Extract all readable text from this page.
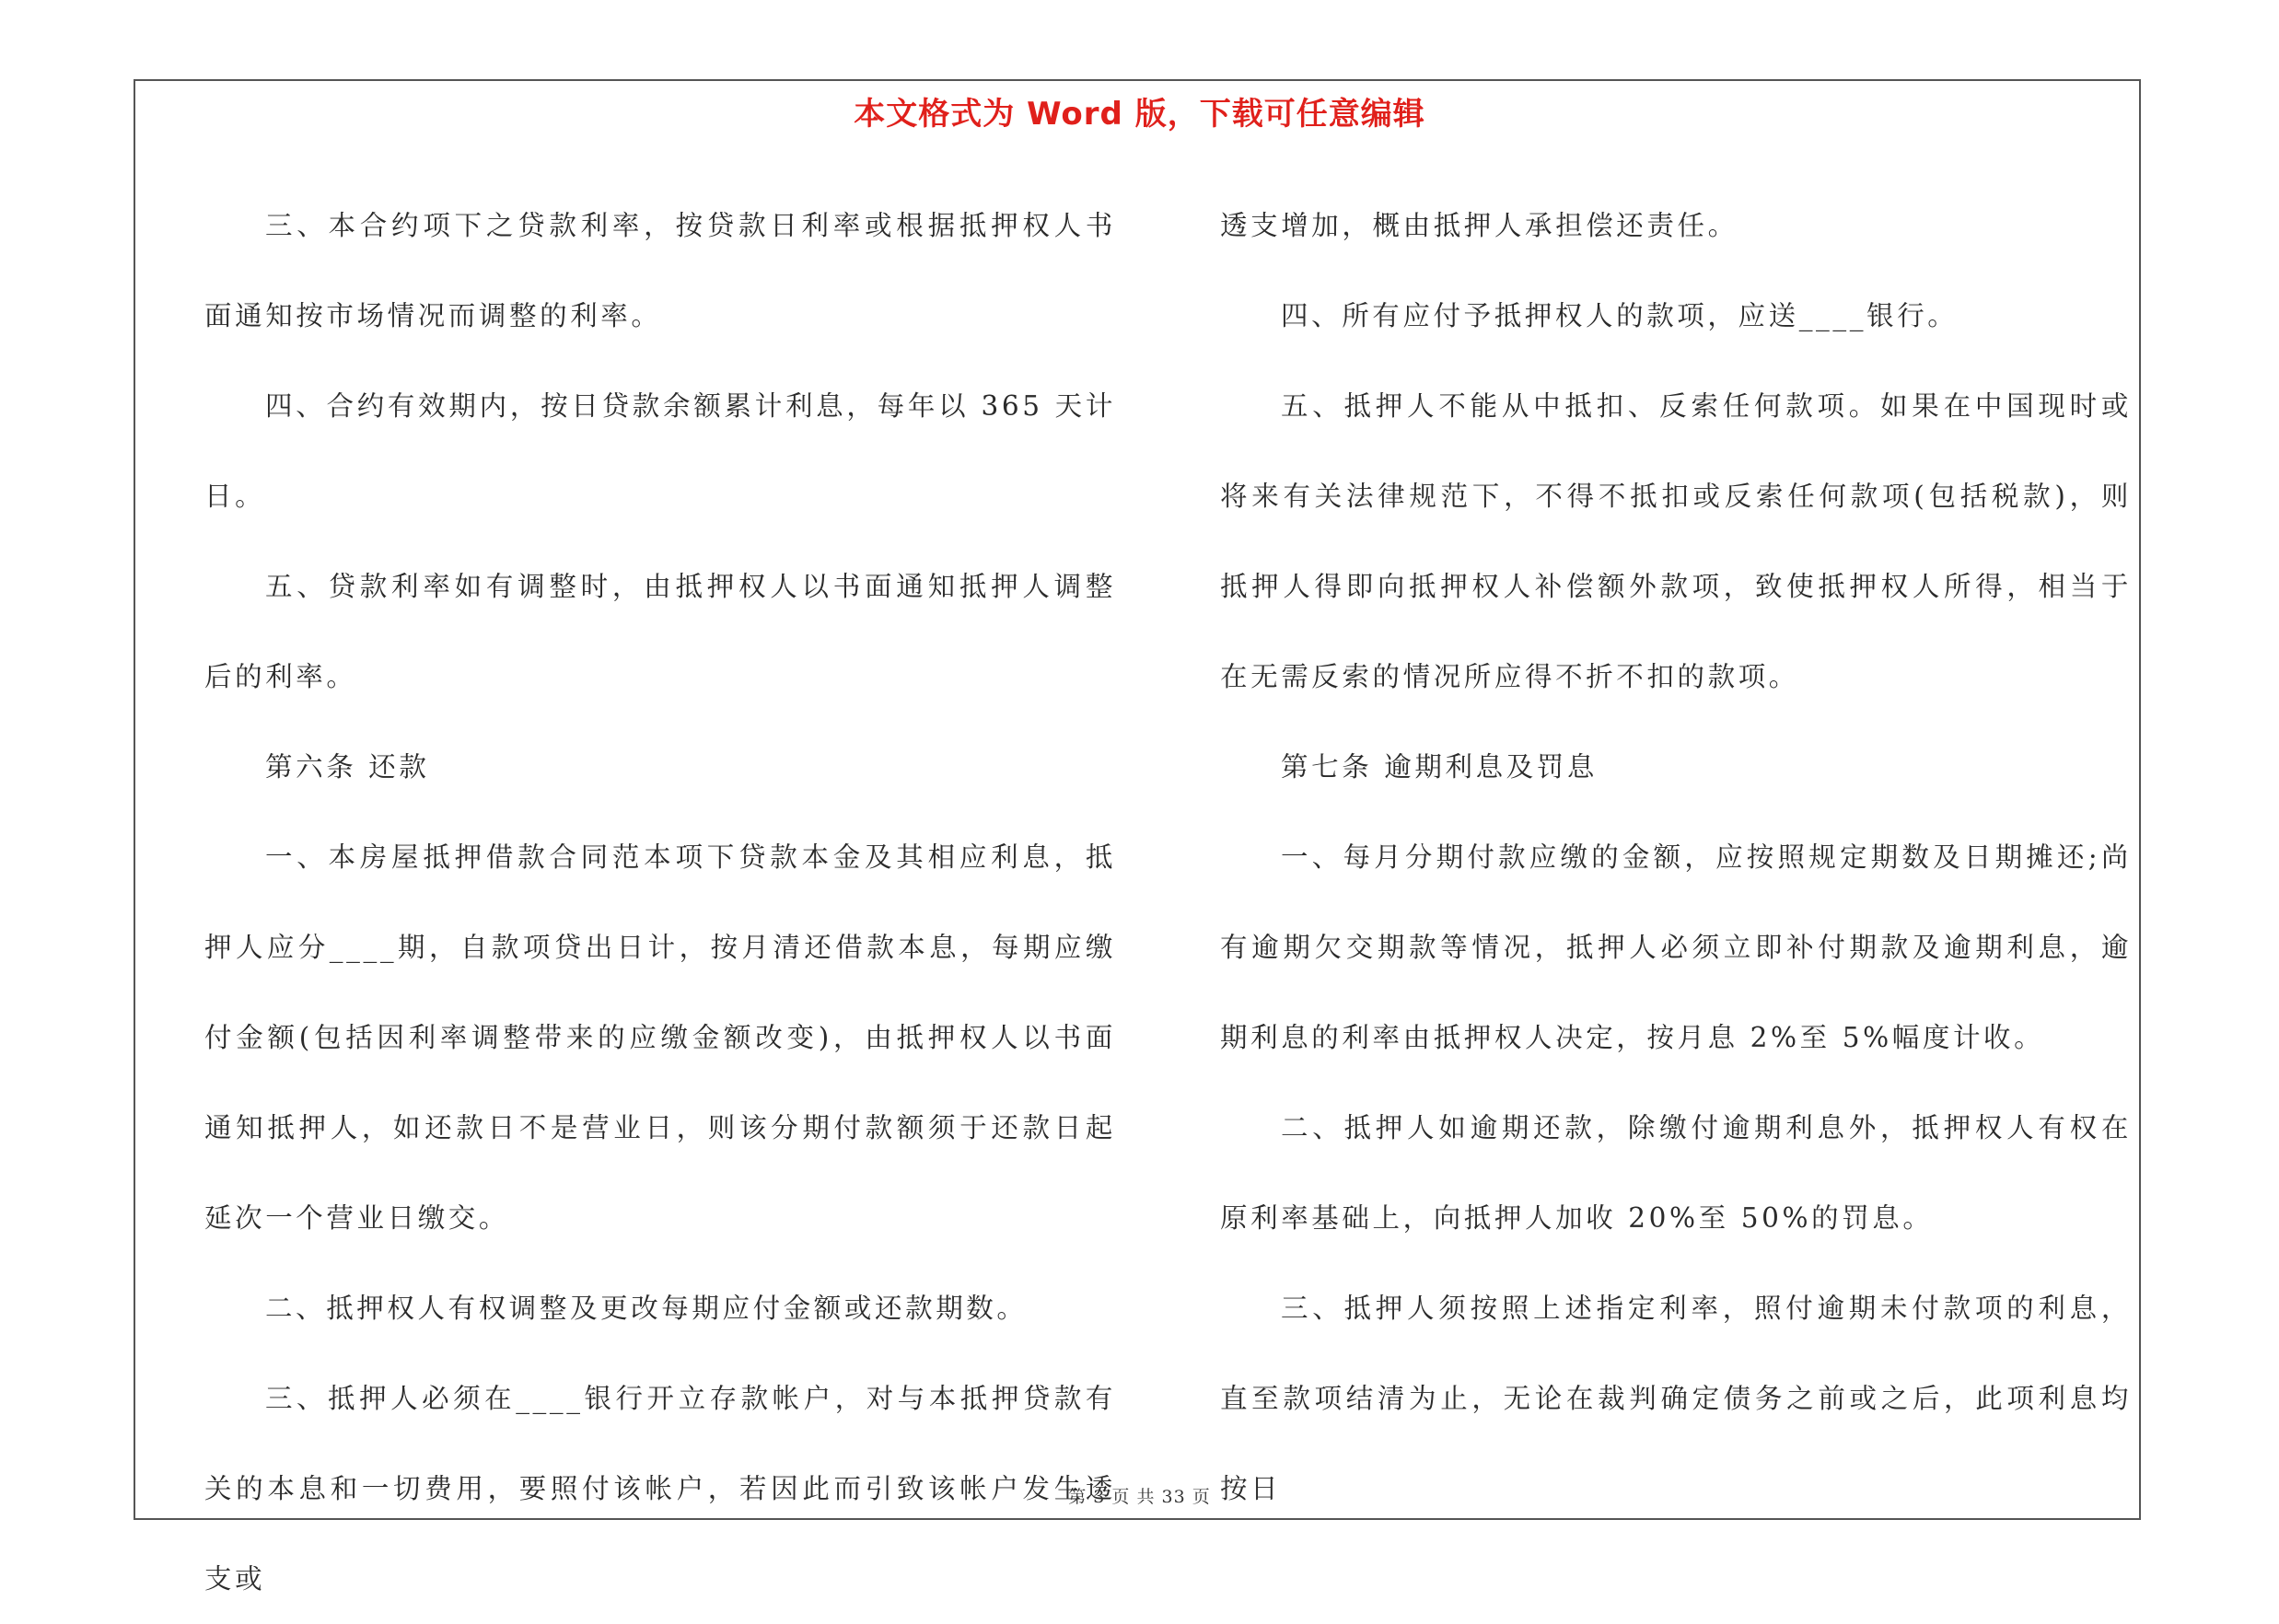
本文格式为 Word 版，下载可任意编辑

三、本合约项下之贷款利率，按贷款日利率或根据抵押权人书面通知按市场情况而调整的利率。

四、合约有效期内，按日贷款余额累计利息，每年以 365 天计日。

五、贷款利率如有调整时，由抵押权人以书面通知抵押人调整后的利率。

第六条 还款

一、本房屋抵押借款合同范本项下贷款本金及其相应利息，抵押人应分____期，自款项贷出日计，按月清还借款本息，每期应缴付金额(包括因利率调整带来的应缴金额改变)，由抵押权人以书面通知抵押人，如还款日不是营业日，则该分期付款额须于还款日起延次一个营业日缴交。

二、抵押权人有权调整及更改每期应付金额或还款期数。

三、抵押人必须在____银行开立存款帐户，对与本抵押贷款有关的本息和一切费用，要照付该帐户，若因此而引致该帐户发生透支或

透支增加，概由抵押人承担偿还责任。

四、所有应付予抵押权人的款项，应送____银行。

五、抵押人不能从中抵扣、反索任何款项。如果在中国现时或将来有关法律规范下，不得不抵扣或反索任何款项(包括税款)，则抵押人得即向抵押权人补偿额外款项，致使抵押权人所得，相当于在无需反索的情况所应得不折不扣的款项。

第七条 逾期利息及罚息

一、每月分期付款应缴的金额，应按照规定期数及日期摊还;尚有逾期欠交期款等情况，抵押人必须立即补付期款及逾期利息，逾期利息的利率由抵押权人决定，按月息 2%至 5%幅度计收。

二、抵押人如逾期还款，除缴付逾期利息外，抵押权人有权在原利率基础上，向抵押人加收 20%至 50%的罚息。

三、抵押人须按照上述指定利率，照付逾期未付款项的利息，直至款项结清为止，无论在裁判确定债务之前或之后，此项利息均按日

第 3 页 共 33 页
